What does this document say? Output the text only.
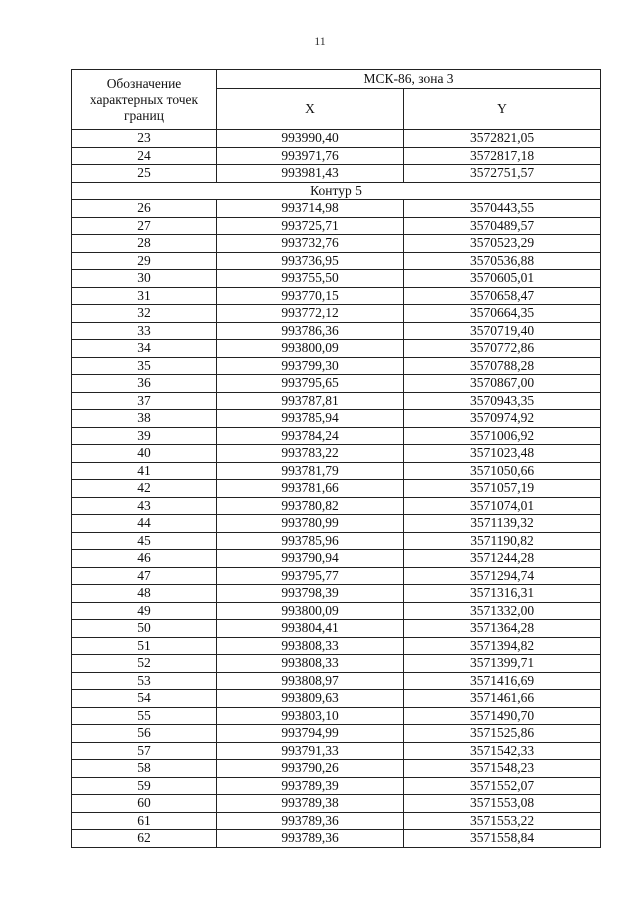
11
Обозначение характерных точек границ	МСК-86, зона 3	
	X	Y
23	993990,40	3572821,05
24	993971,76	3572817,18
25	993981,43	3572751,57
Контур 5		
26	993714,98	3570443,55
27	993725,71	3570489,57
28	993732,76	3570523,29
29	993736,95	3570536,88
30	993755,50	3570605,01
31	993770,15	3570658,47
32	993772,12	3570664,35
33	993786,36	3570719,40
34	993800,09	3570772,86
35	993799,30	3570788,28
36	993795,65	3570867,00
37	993787,81	3570943,35
38	993785,94	3570974,92
39	993784,24	3571006,92
40	993783,22	3571023,48
41	993781,79	3571050,66
42	993781,66	3571057,19
43	993780,82	3571074,01
44	993780,99	3571139,32
45	993785,96	3571190,82
46	993790,94	3571244,28
47	993795,77	3571294,74
48	993798,39	3571316,31
49	993800,09	3571332,00
50	993804,41	3571364,28
51	993808,33	3571394,82
52	993808,33	3571399,71
53	993808,97	3571416,69
54	993809,63	3571461,66
55	993803,10	3571490,70
56	993794,99	3571525,86
57	993791,33	3571542,33
58	993790,26	3571548,23
59	993789,39	3571552,07
60	993789,38	3571553,08
61	993789,36	3571553,22
62	993789,36	3571558,84
